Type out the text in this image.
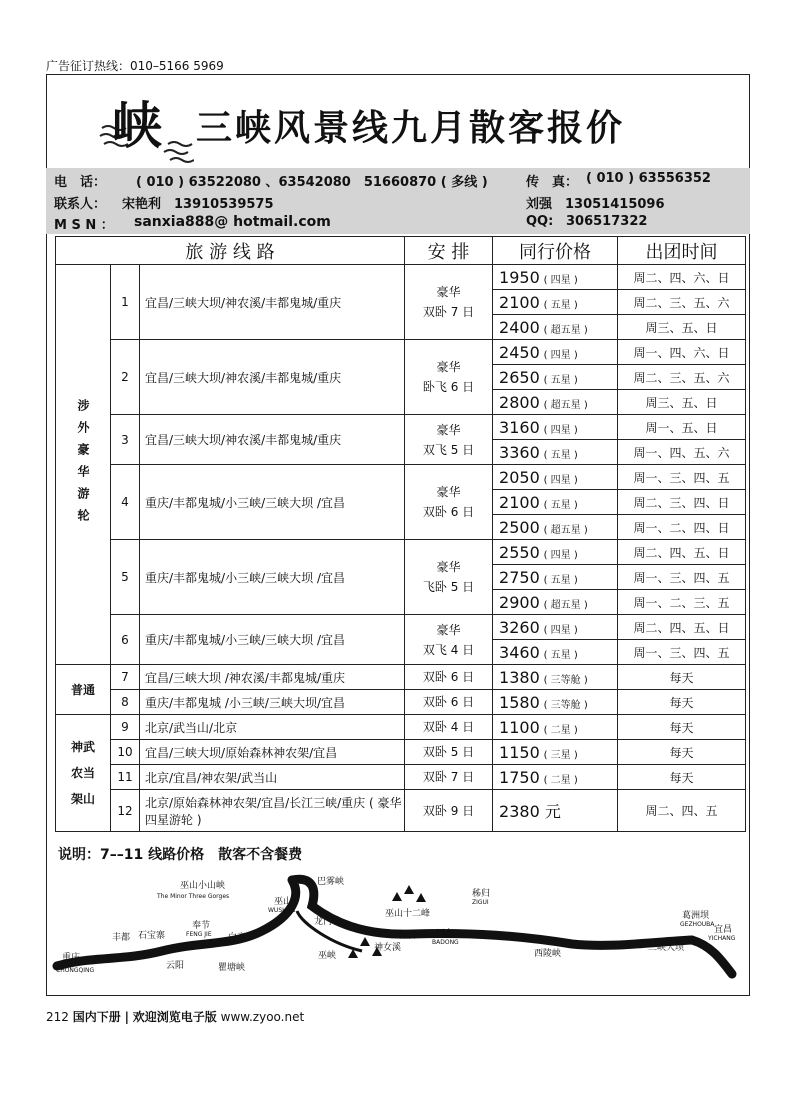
广告征订热线：010–5166 5969
峡 三峡风景线九月散客报价
电　话： ( 010 ) 63522080 、63542080　51660870 ( 多线 )	传　真： ( 010 ) 63556352
联系人： 宋艳利　13910539575	刘强　13051415096
M S N ： sanxia888@ hotmail.com	QQ: 306517322
旅 游 线 路			安 排	同行价格	出团时间
涉外豪华游轮	1	宜昌/三峡大坝/神农溪/丰都鬼城/重庆	豪华
双卧 7 日	1950 ( 四星 )	周二、四、六、日
				2100 ( 五星 )	周二、三、五、六
				2400 ( 超五星 )	周三、五、日
	2	宜昌/三峡大坝/神农溪/丰都鬼城/重庆	豪华
卧飞 6 日	2450 ( 四星 )	周一、四、六、日
				2650 ( 五星 )	周二、三、五、六
				2800 ( 超五星 )	周三、五、日
	3	宜昌/三峡大坝/神农溪/丰都鬼城/重庆	豪华
双飞 5 日	3160 ( 四星 )	周一、五、日
				3360 ( 五星 )	周一、四、五、六
	4	重庆/丰都鬼城/小三峡/三峡大坝 /宜昌	豪华
双卧 6 日	2050 ( 四星 )	周一、三、四、五
				2100 ( 五星 )	周二、三、四、日
				2500 ( 超五星 )	周一、二、四、日
	5	重庆/丰都鬼城/小三峡/三峡大坝 /宜昌	豪华
飞卧 5 日	2550 ( 四星 )	周二、四、五、日
				2750 ( 五星 )	周一、三、四、五
				2900 ( 超五星 )	周一、二、三、五
	6	重庆/丰都鬼城/小三峡/三峡大坝 /宜昌	豪华
双飞 4 日	3260 ( 四星 )	周二、四、五、日
				3460 ( 五星 )	周一、三、四、五
普通	7	宜昌/三峡大坝 /神农溪/丰都鬼城/重庆	双卧 6 日	1380 ( 三等舱 )	每天
	8	重庆/丰都鬼城 /小三峡/三峡大坝/宜昌	双卧 6 日	1580 ( 三等舱 )	每天
神武农当架山	9	北京/武当山/北京	双卧 4 日	1100 ( 二星 )	每天
	10	宜昌/三峡大坝/原始森林神农架/宜昌	双卧 5 日	1150 ( 三星 )	每天
	11	北京/宜昌/神农架/武当山	双卧 7 日	1750 ( 二星 )	每天
	12	北京/原始森林神农架/宜昌/长江三峡/重庆 ( 豪华四星游轮 )	双卧 9 日	2380 元	周二、四、五
说明：7––11 线路价格　散客不含餐费
巫山小山峡
The Minor Three Gorges
巴雾峡
巫山
WUSHAN
龙门峡
巫山十二峰
秭归
ZIGUI
葛洲坝
GEZHOUBA
丰都 石宝寨
奉节
FENG JIE 白帝
云阳
重庆
CHONGQING	瞿塘峡
巫峡
神女溪
青石 巴东
BADONG
西陵峡
三峡大坝
宜昌
YICHANG
212 国内下册 | 欢迎浏览电子版 www.zyoo.net
